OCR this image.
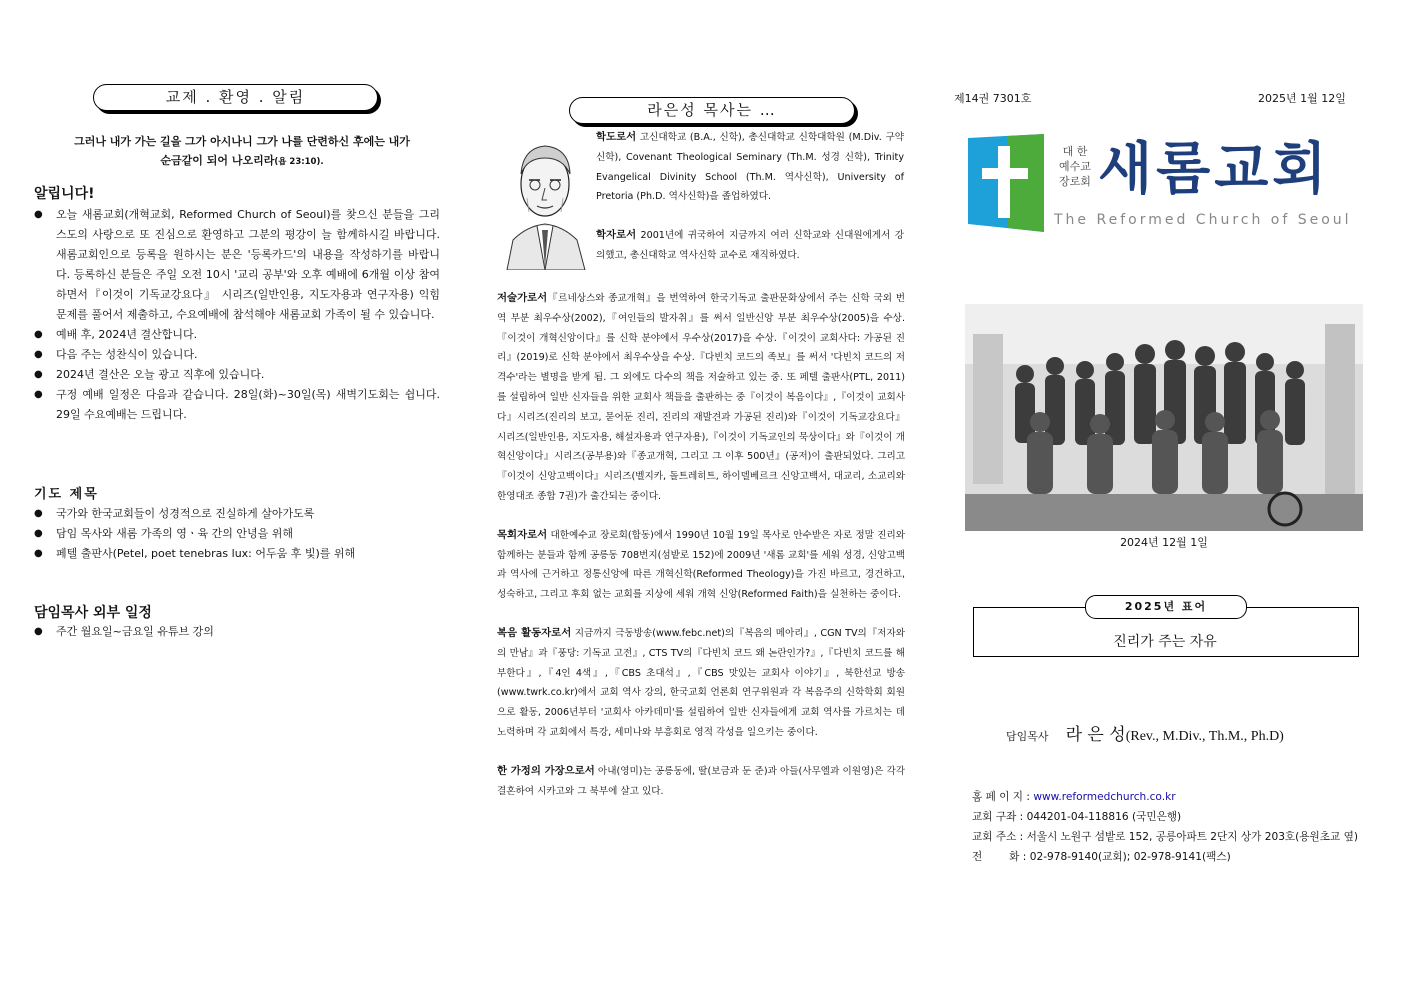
교제 . 환영 . 알림
그러나 내가 가는 길을 그가 아시나니 그가 나를 단련하신 후에는 내가
순금같이 되어 나오리라(욥 23:10).
알립니다!
● 오늘 새롬교회(개혁교회, Reformed Church of Seoul)를 찾으신 분들을 그리스도의 사랑으로 또 진심으로 환영하고 그분의 평강이 늘 함께하시길 바랍니다. 새롬교회인으로 등록을 원하시는 분은 '등록카드'의 내용을 작성하기를 바랍니다. 등록하신 분들은 주일 오전 10시 '교리 공부'와 오후 예배에 6개월 이상 참여하면서『이것이 기독교강요다』 시리즈(일반인용, 지도자용과 연구자용) 익힘 문제를 풀어서 제출하고, 수요예배에 참석해야 새롬교회 가족이 될 수 있습니다.
● 예배 후, 2024년 결산합니다.
● 다음 주는 성찬식이 있습니다.
● 2024년 결산은 오늘 광고 직후에 있습니다.
● 구정 예배 일정은 다음과 같습니다. 28일(화)~30일(목) 새벽기도회는 쉽니다. 29일 수요예배는 드립니다.
기도 제목
● 국가와 한국교회들이 성경적으로 진실하게 살아가도록
● 담임 목사와 새롬 가족의 영ㆍ육 간의 안녕을 위해
● 페텔 출판사(Petel, poet tenebras lux: 어두움 후 빛)를 위해
담임목사 외부 일정
● 주간 월요일~금요일 유튜브 강의
라은성 목사는 …

학도로서 고신대학교 (B.A., 신학), 총신대학교 신학대학원 (M.Div. 구약신학), Covenant Theological Seminary (Th.M. 성경 신학), Trinity Evangelical Divinity School (Th.M. 역사신학), University of Pretoria (Ph.D. 역사신학)을 졸업하였다.

학자로서 2001년에 귀국하여 지금까지 여러 신학교와 신대원에게서 강의했고, 총신대학교 역사신학 교수로 재직하였다.

저술가로서『르네상스와 종교개혁』을 번역하여 한국기독교 출판문화상에서 주는 신학 국외 번역 부분 최우수상(2002),『여인들의 발자취』를 써서 일반신앙 부분 최우수상(2005)을 수상.『이것이 개혁신앙이다』를 신학 분야에서 우수상(2017)을 수상.『이것이 교회사다: 가공된 진리』(2019)로 신학 분야에서 최우수상을 수상.『다빈치 코드의 족보』를 써서 '다빈치 코드의 저격수'라는 별명을 받게 됨. 그 외에도 다수의 책을 저술하고 있는 중. 또 페텔 출판사(PTL, 2011)를 설립하여 일반 신자들을 위한 교회사 책들을 출판하는 중『이것이 복음이다』,『이것이 교회사다』시리즈(진리의 보고, 묻어둔 진리, 진리의 재발견과 가공된 진리)와『이것이 기독교강요다』시리즈(일반인용, 지도자용, 해설자용과 연구자용),『이것이 기독교인의 묵상이다』와『이것이 개혁신앙이다』시리즈(공부용)와『종교개혁, 그리고 그 이후 500년』(공저)이 출판되었다. 그리고『이것이 신앙고백이다』시리즈(벨지카, 돌트레히트, 하이델베르크 신앙고백서, 대교리, 소교리와 한영대조 종합 7권)가 출간되는 중이다.

목회자로서 대한예수교 장로회(합동)에서 1990년 10월 19일 목사로 안수받은 자로 정말 진리와 함께하는 분들과 함께 공릉동 708번지(섬밭로 152)에 2009년 '새롬 교회'를 세워 성경, 신앙고백과 역사에 근거하고 정통신앙에 따른 개혁신학(Reformed Theology)을 가진 바르고, 경건하고, 성숙하고, 그리고 후회 없는 교회를 지상에 세워 개혁 신앙(Reformed Faith)을 실천하는 중이다.

복음 활동자로서 지금까지 극동방송(www.febc.net)의『복음의 메아리』, CGN TV의『저자와의 만남』과『풍당: 기독교 고전』, CTS TV의『다빈치 코드 왜 논란인가?』,『다빈치 코드를 해부한다』,『4인 4색』,『CBS 초대석』,『CBS 맛있는 교회사 이야기』, 북한선교 방송(www.twrk.co.kr)에서 교회 역사 강의, 한국교회 언론회 연구위원과 각 복음주의 신학학회 회원으로 활동, 2006년부터 '교회사 아카데미'를 설립하여 일반 신자들에게 교회 역사를 가르치는 데 노력하며 각 교회에서 특강, 세미나와 부흥회로 영적 각성을 일으키는 중이다.

한 가정의 가장으로서 아내(영미)는 공릉동에, 딸(보금과 둔 준)과 아들(사무엘과 이원영)은 각각 결혼하여 시카고와 그 북부에 살고 있다.

제14권 7301호	2025년 1월 12일
대 한
예수교
장로회 새롬교회
The Reformed Church of Seoul
2024년 12월 1일
2025년 표어
진리가 주는 자유
담임목사 라 은 성(Rev., M.Div., Th.M., Ph.D)
홈 페 이 지 : www.reformedchurch.co.kr
교회 구좌 : 044201-04-118816 (국민은행)
교회 주소 : 서울시 노원구 섬밭로 152, 공릉아파트 2단지 상가 203호(용원초교 옆)
전        화 : 02-978-9140(교회); 02-978-9141(팩스)
